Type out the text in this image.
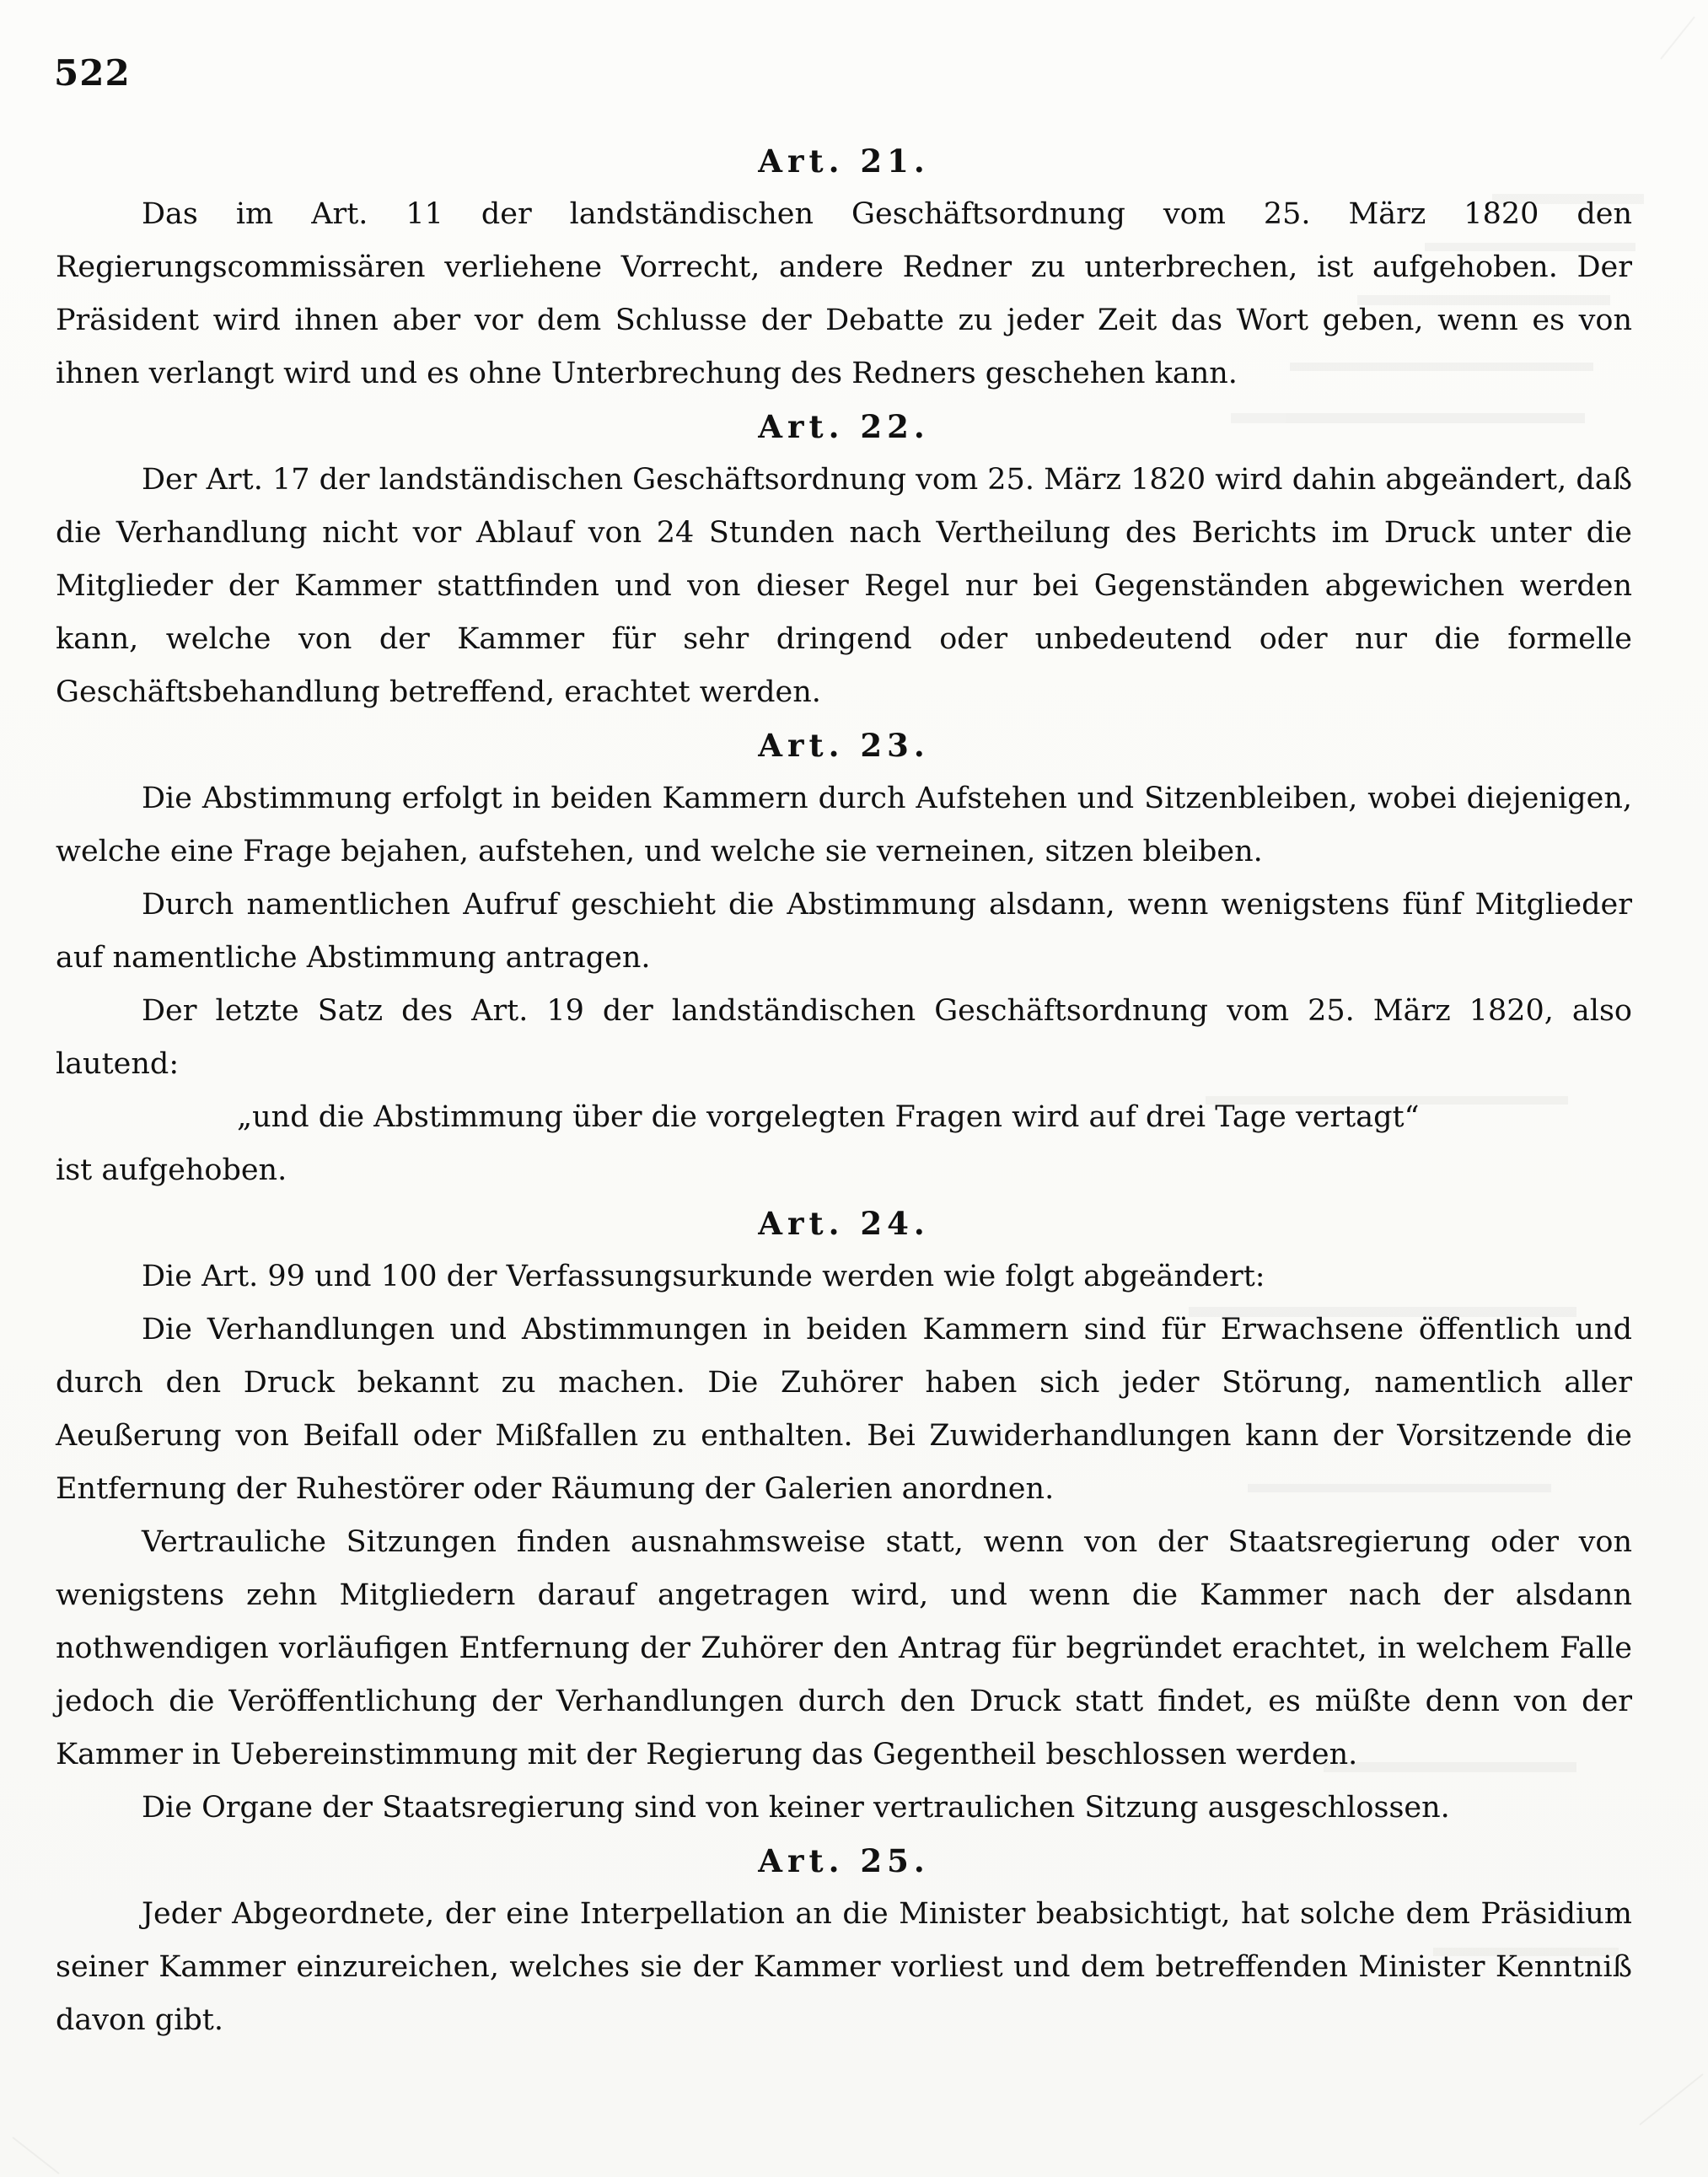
522
Art. 21.

Das im Art. 11 der landständischen Geschäftsordnung vom 25. März 1820 den Regierungscommissären verliehene Vorrecht, andere Redner zu unterbrechen, ist aufgehoben. Der Präsident wird ihnen aber vor dem Schlusse der Debatte zu jeder Zeit das Wort geben, wenn es von ihnen verlangt wird und es ohne Unterbrechung des Redners geschehen kann.

Art. 22.

Der Art. 17 der landständischen Geschäftsordnung vom 25. März 1820 wird dahin abgeändert, daß die Verhandlung nicht vor Ablauf von 24 Stunden nach Vertheilung des Berichts im Druck unter die Mitglieder der Kammer stattfinden und von dieser Regel nur bei Gegenständen abgewichen werden kann, welche von der Kammer für sehr dringend oder unbedeutend oder nur die formelle Geschäftsbehandlung betreffend, erachtet werden.

Art. 23.

Die Abstimmung erfolgt in beiden Kammern durch Aufstehen und Sitzenbleiben, wobei diejenigen, welche eine Frage bejahen, aufstehen, und welche sie verneinen, sitzen bleiben.

Durch namentlichen Aufruf geschieht die Abstimmung alsdann, wenn wenigstens fünf Mitglieder auf namentliche Abstimmung antragen.

Der letzte Satz des Art. 19 der landständischen Geschäftsordnung vom 25. März 1820, also lautend:

„und die Abstimmung über die vorgelegten Fragen wird auf drei Tage vertagt“

ist aufgehoben.

Art. 24.

Die Art. 99 und 100 der Verfassungsurkunde werden wie folgt abgeändert:

Die Verhandlungen und Abstimmungen in beiden Kammern sind für Erwachsene öffentlich und durch den Druck bekannt zu machen. Die Zuhörer haben sich jeder Störung, namentlich aller Aeußerung von Beifall oder Mißfallen zu enthalten. Bei Zuwiderhandlungen kann der Vorsitzende die Entfernung der Ruhestörer oder Räumung der Galerien anordnen.

Vertrauliche Sitzungen finden ausnahmsweise statt, wenn von der Staatsregierung oder von wenigstens zehn Mitgliedern darauf angetragen wird, und wenn die Kammer nach der alsdann nothwendigen vorläufigen Entfernung der Zuhörer den Antrag für begründet erachtet, in welchem Falle jedoch die Veröffentlichung der Verhandlungen durch den Druck statt findet, es müßte denn von der Kammer in Uebereinstimmung mit der Regierung das Gegentheil beschlossen werden.

Die Organe der Staatsregierung sind von keiner vertraulichen Sitzung ausgeschlossen.

Art. 25.

Jeder Abgeordnete, der eine Interpellation an die Minister beabsichtigt, hat solche dem Präsidium seiner Kammer einzureichen, welches sie der Kammer vorliest und dem betreffenden Minister Kenntniß davon gibt.
